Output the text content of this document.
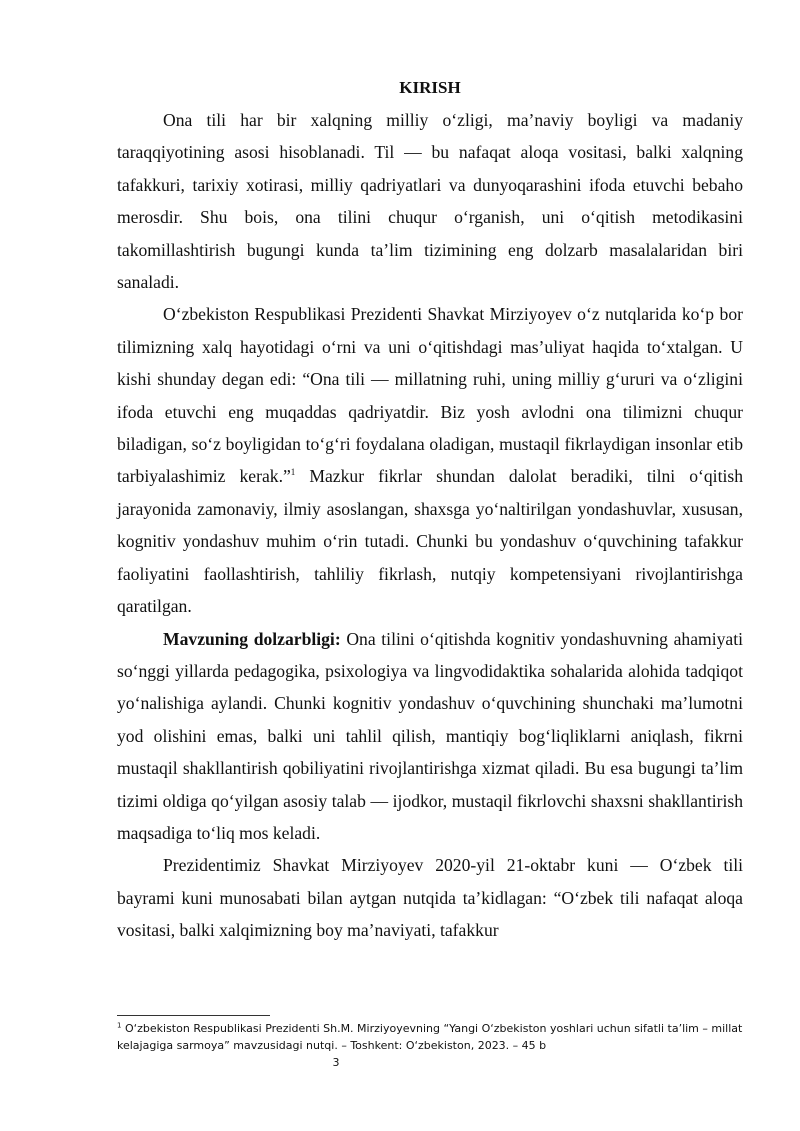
KIRISH

Ona tili har bir xalqning milliy o‘zligi, ma’naviy boyligi va madaniy taraqqiyotining asosi hisoblanadi. Til — bu nafaqat aloqa vositasi, balki xalqning tafakkuri, tarixiy xotirasi, milliy qadriyatlari va dunyoqarashini ifoda etuvchi bebaho merosdir. Shu bois, ona tilini chuqur o‘rganish, uni o‘qitish metodikasini takomillashtirish bugungi kunda ta’lim tizimining eng dolzarb masalalaridan biri sanaladi.

O‘zbekiston Respublikasi Prezidenti Shavkat Mirziyoyev o‘z nutqlarida ko‘p bor tilimizning xalq hayotidagi o‘rni va uni o‘qitishdagi mas’uliyat haqida to‘xtalgan. U kishi shunday degan edi: “Ona tili — millatning ruhi, uning milliy g‘ururi va o‘zligini ifoda etuvchi eng muqaddas qadriyatdir. Biz yosh avlodni ona tilimizni chuqur biladigan, so‘z boyligidan to‘g‘ri foydalana oladigan, mustaqil fikrlaydigan insonlar etib tarbiyalashimiz kerak.”$^1$ Mazkur fikrlar shundan dalolat beradiki, tilni o‘qitish jarayonida zamonaviy, ilmiy asoslangan, shaxsga yo‘naltirilgan yondashuvlar, xususan, kognitiv yondashuv muhim o‘rin tutadi. Chunki bu yondashuv o‘quvchining tafakkur faoliyatini faollashtirish, tahliliy fikrlash, nutqiy kompetensiyani rivojlantirishga qaratilgan.

Mavzuning dolzarbligi: Ona tilini o‘qitishda kognitiv yondashuvning ahamiyati so‘nggi yillarda pedagogika, psixologiya va lingvodidaktika sohalarida alohida tadqiqot yo‘nalishiga aylandi. Chunki kognitiv yondashuv o‘quvchining shunchaki ma’lumotni yod olishini emas, balki uni tahlil qilish, mantiqiy bog‘liqliklarni aniqlash, fikrni mustaqil shakllantirish qobiliyatini rivojlantirishga xizmat qiladi. Bu esa bugungi ta’lim tizimi oldiga qo‘yilgan asosiy talab — ijodkor, mustaqil fikrlovchi shaxsni shakllantirish maqsadiga to‘liq mos keladi.

Prezidentimiz Shavkat Mirziyoyev 2020-yil 21-oktabr kuni — O‘zbek tili bayrami kuni munosabati bilan aytgan nutqida ta’kidlagan: “O‘zbek tili nafaqat aloqa vositasi, balki xalqimizning boy ma’naviyati, tafakkur

$^1$ O‘zbekiston Respublikasi Prezidenti Sh.M. Mirziyoyevning “Yangi O‘zbekiston yoshlari uchun sifatli ta’lim – millat kelajagiga sarmoya” mavzusidagi nutqi. – Toshkent: O‘zbekiston, 2023. – 45 b
3
